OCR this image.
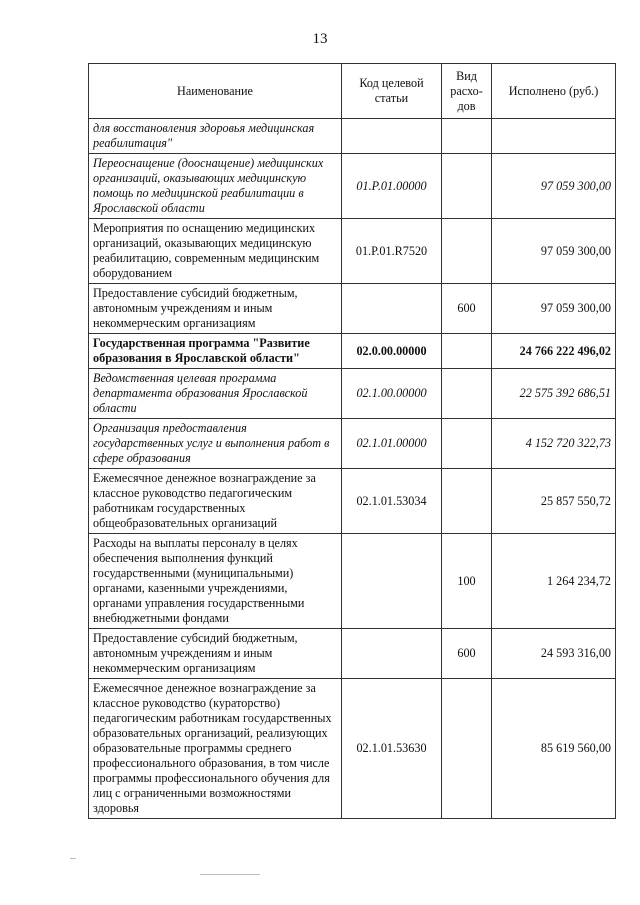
13
Наименование	Код целевой статьи	Вид расхо-дов	Исполнено (руб.)
для восстановления здоровья медицинская реабилитация"			
Переоснащение (дооснащение) медицинских организаций, оказывающих медицинскую помощь по медицинской реабилитации в Ярославской области	01.Р.01.00000		97 059 300,00
Мероприятия по оснащению медицинских организаций, оказывающих медицинскую реабилитацию, современным медицинским оборудованием	01.Р.01.R7520		97 059 300,00
Предоставление субсидий бюджетным, автономным учреждениям и иным некоммерческим организациям		600	97 059 300,00
Государственная программа "Развитие образования в Ярославской области"	02.0.00.00000		24 766 222 496,02
Ведомственная целевая программа департамента образования Ярославской области	02.1.00.00000		22 575 392 686,51
Организация предоставления государственных услуг и выполнения работ в сфере образования	02.1.01.00000		4 152 720 322,73
Ежемесячное денежное вознаграждение за классное руководство педагогическим работникам государственных общеобразовательных организаций	02.1.01.53034		25 857 550,72
Расходы на выплаты персоналу в целях обеспечения выполнения функций государственными (муниципальными) органами, казенными учреждениями, органами управления государственными внебюджетными фондами		100	1 264 234,72
Предоставление субсидий бюджетным, автономным учреждениям и иным некоммерческим организациям		600	24 593 316,00
Ежемесячное денежное вознаграждение за классное руководство (кураторство) педагогическим работникам государственных образовательных организаций, реализующих образовательные программы среднего профессионального образования, в том числе программы профессионального обучения для лиц с ограниченными возможностями здоровья	02.1.01.53630		85 619 560,00
